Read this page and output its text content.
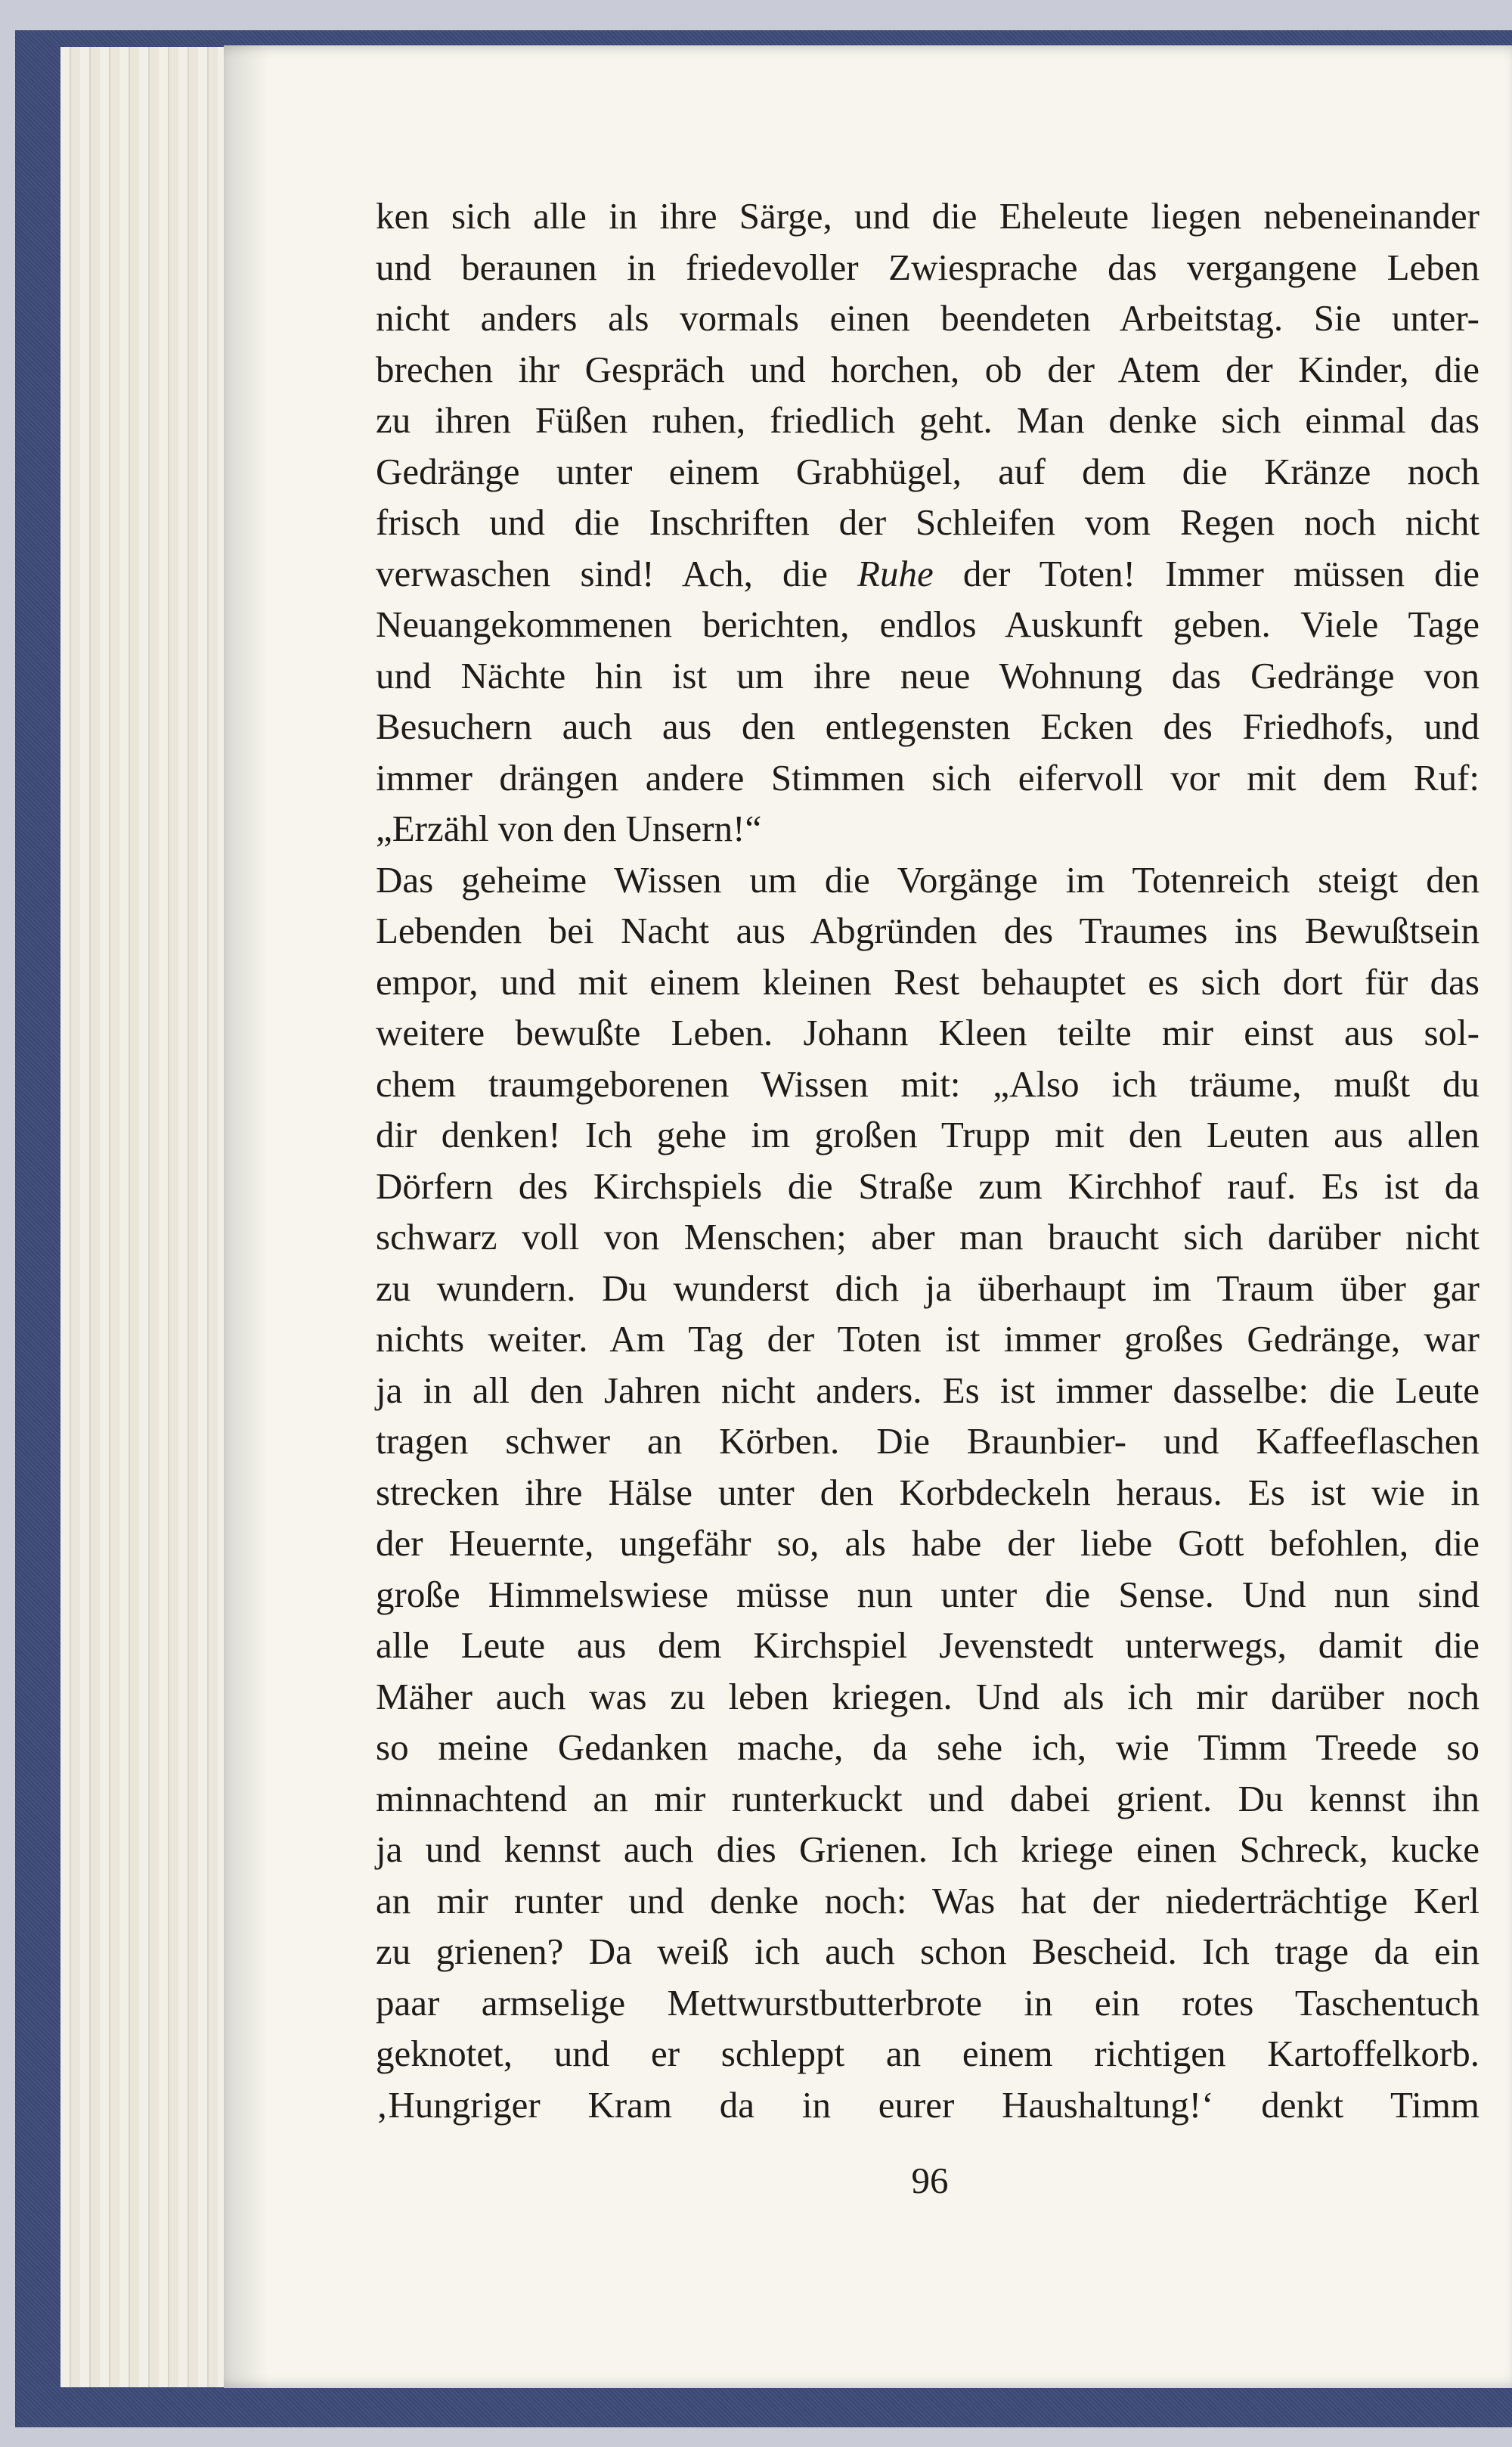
ken sich alle in ihre Särge, und die Eheleute liegen nebeneinander
und beraunen in friedevoller Zwiesprache das vergangene Leben
nicht anders als vormals einen beendeten Arbeitstag. Sie unter-
brechen ihr Gespräch und horchen, ob der Atem der Kinder, die
zu ihren Füßen ruhen, friedlich geht. Man denke sich einmal das
Gedränge unter einem Grabhügel, auf dem die Kränze noch
frisch und die Inschriften der Schleifen vom Regen noch nicht
verwaschen sind! Ach, die Ruhe der Toten! Immer müssen die
Neuangekommenen berichten, endlos Auskunft geben. Viele Tage
und Nächte hin ist um ihre neue Wohnung das Gedränge von
Besuchern auch aus den entlegensten Ecken des Friedhofs, und
immer drängen andere Stimmen sich eifervoll vor mit dem Ruf:
„Erzähl von den Unsern!“
Das geheime Wissen um die Vorgänge im Totenreich steigt den
Lebenden bei Nacht aus Abgründen des Traumes ins Bewußtsein
empor, und mit einem kleinen Rest behauptet es sich dort für das
weitere bewußte Leben. Johann Kleen teilte mir einst aus sol-
chem traumgeborenen Wissen mit: „Also ich träume, mußt du
dir denken! Ich gehe im großen Trupp mit den Leuten aus allen
Dörfern des Kirchspiels die Straße zum Kirchhof rauf. Es ist da
schwarz voll von Menschen; aber man braucht sich darüber nicht
zu wundern. Du wunderst dich ja überhaupt im Traum über gar
nichts weiter. Am Tag der Toten ist immer großes Gedränge, war
ja in all den Jahren nicht anders. Es ist immer dasselbe: die Leute
tragen schwer an Körben. Die Braunbier- und Kaffeeflaschen
strecken ihre Hälse unter den Korbdeckeln heraus. Es ist wie in
der Heuernte, ungefähr so, als habe der liebe Gott befohlen, die
große Himmelswiese müsse nun unter die Sense. Und nun sind
alle Leute aus dem Kirchspiel Jevenstedt unterwegs, damit die
Mäher auch was zu leben kriegen. Und als ich mir darüber noch
so meine Gedanken mache, da sehe ich, wie Timm Treede so
minnachtend an mir runterkuckt und dabei grient. Du kennst ihn
ja und kennst auch dies Grienen. Ich kriege einen Schreck, kucke
an mir runter und denke noch: Was hat der niederträchtige Kerl
zu grienen? Da weiß ich auch schon Bescheid. Ich trage da ein
paar armselige Mettwurstbutterbrote in ein rotes Taschentuch
geknotet, und er schleppt an einem richtigen Kartoffelkorb.
‚Hungriger Kram da in eurer Haushaltung!‘ denkt Timm
96
